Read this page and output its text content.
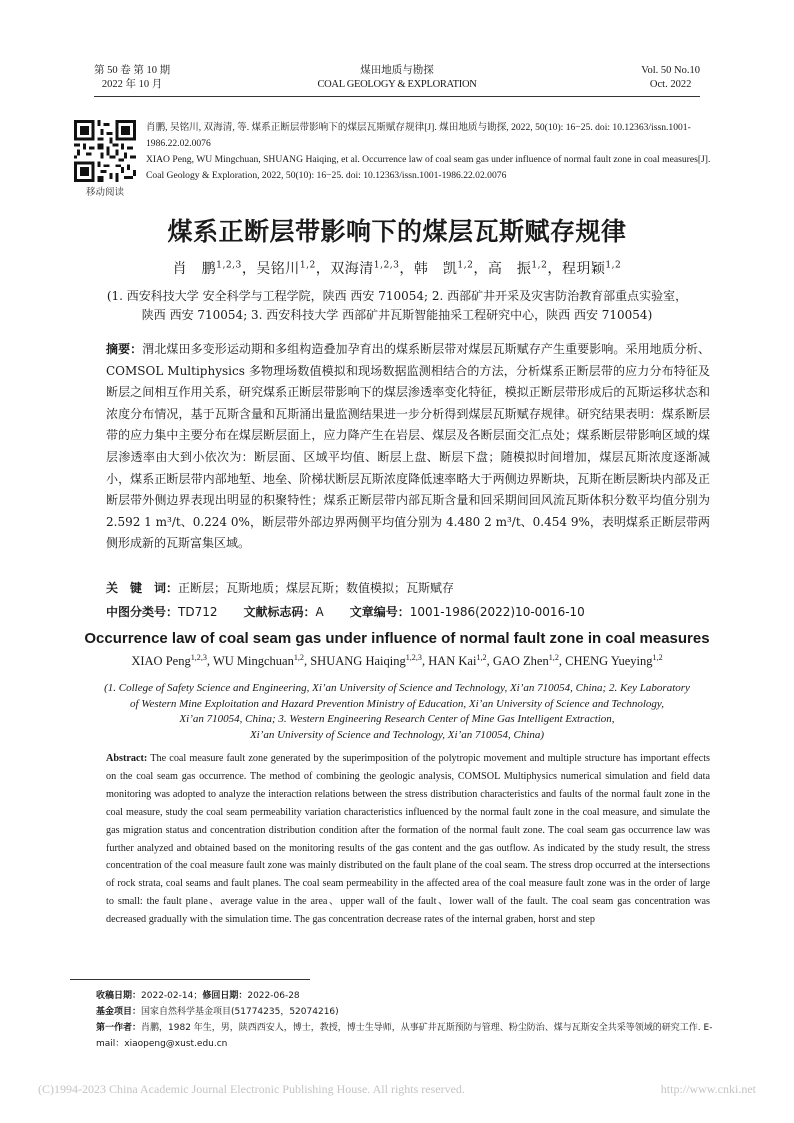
第 50 卷 第 10 期
2022 年 10 月
煤田地质与勘探
COAL GEOLOGY & EXPLORATION
Vol. 50 No.10
Oct. 2022
移动阅读

肖鹏, 吴铭川, 双海清, 等. 煤系正断层带影响下的煤层瓦斯赋存规律[J]. 煤田地质与勘探, 2022, 50(10): 16−25. doi: 10.12363/issn.1001-1986.22.02.0076

XIAO Peng, WU Mingchuan, SHUANG Haiqing, et al. Occurrence law of coal seam gas under influence of normal fault zone in coal measures[J]. Coal Geology & Exploration, 2022, 50(10): 16−25. doi: 10.12363/issn.1001-1986.22.02.0076

煤系正断层带影响下的煤层瓦斯赋存规律
肖　鹏$^{1,2,3}$，吴铭川$^{1,2}$，双海清$^{1,2,3}$，韩　凯$^{1,2}$，高　振$^{1,2}$，程玥颖$^{1,2}$
(1. 西安科技大学 安全科学与工程学院，陕西 西安 710054; 2. 西部矿井开采及灾害防治教育部重点实验室，
陕西 西安 710054; 3. 西安科技大学 西部矿井瓦斯智能抽采工程研究中心，陕西 西安 710054)
摘要：渭北煤田多变形运动期和多组构造叠加孕育出的煤系断层带对煤层瓦斯赋存产生重要影响。采用地质分析、COMSOL Multiphysics 多物理场数值模拟和现场数据监测相结合的方法，分析煤系正断层带的应力分布特征及断层之间相互作用关系，研究煤系正断层带影响下的煤层渗透率变化特征，模拟正断层带形成后的瓦斯运移状态和浓度分布情况，基于瓦斯含量和瓦斯涌出量监测结果进一步分析得到煤层瓦斯赋存规律。研究结果表明：煤系断层带的应力集中主要分布在煤层断层面上，应力降产生在岩层、煤层及各断层面交汇点处；煤系断层带影响区域的煤层渗透率由大到小依次为：断层面、区域平均值、断层上盘、断层下盘；随模拟时间增加，煤层瓦斯浓度逐渐减小，煤系正断层带内部地堑、地垒、阶梯状断层瓦斯浓度降低速率略大于两侧边界断块，瓦斯在断层断块内部及正断层带外侧边界表现出明显的积聚特性；煤系正断层带内部瓦斯含量和回采期间回风流瓦斯体积分数平均值分别为 2.592 1 m³/t、0.224 0%，断层带外部边界两侧平均值分别为 4.480 2 m³/t、0.454 9%，表明煤系正断层带两侧形成新的瓦斯富集区域。
关　键　词：正断层；瓦斯地质；煤层瓦斯；数值模拟；瓦斯赋存
中图分类号：TD712 文献标志码：A 文章编号：1001-1986(2022)10-0016-10
Occurrence law of coal seam gas under influence of normal fault zone in coal measures
XIAO Peng$^{1,2,3}$, WU Mingchuan$^{1,2}$, SHUANG Haiqing$^{1,2,3}$, HAN Kai$^{1,2}$, GAO Zhen$^{1,2}$, CHENG Yueying$^{1,2}$
(1. College of Safety Science and Engineering, Xi’an University of Science and Technology, Xi’an 710054, China; 2. Key Laboratory
of Western Mine Exploitation and Hazard Prevention Ministry of Education, Xi’an University of Science and Technology,
Xi’an 710054, China; 3. Western Engineering Research Center of Mine Gas Intelligent Extraction,
Xi’an University of Science and Technology, Xi’an 710054, China)
Abstract: The coal measure fault zone generated by the superimposition of the polytropic movement and multiple structure has important effects on the coal seam gas occurrence. The method of combining the geologic analysis, COMSOL Multiphysics numerical simulation and field data monitoring was adopted to analyze the interaction relations between the stress distribution characteristics and faults of the normal fault zone in the coal measure, study the coal seam permeability variation characteristics influenced by the normal fault zone in the coal measure, and simulate the gas migration status and concentration distribution condition after the formation of the normal fault zone. The coal seam gas occurrence law was further analyzed and obtained based on the monitoring results of the gas content and the gas outflow. As indicated by the study result, the stress concentration of the coal measure fault zone was mainly distributed on the fault plane of the coal seam. The stress drop occurred at the intersections of rock strata, coal seams and fault planes. The coal seam permeability in the affected area of the coal measure fault zone was in the order of large to small: the fault plane、average value in the area、upper wall of the fault、lower wall of the fault. The coal seam gas concentration was decreased gradually with the simulation time. The gas concentration decrease rates of the internal graben, horst and step
收稿日期：2022-02-14；修回日期：2022-06-28
基金项目：国家自然科学基金项目(51774235，52074216)
第一作者：肖鹏，1982 年生，男，陕西西安人，博士，教授，博士生导师，从事矿井瓦斯预防与管理、粉尘防治、煤与瓦斯安全共采等领域的研究工作. E-mail：xiaopeng@xust.edu.cn
(C)1994-2023 China Academic Journal Electronic Publishing House. All rights reserved.	http://www.cnki.net
